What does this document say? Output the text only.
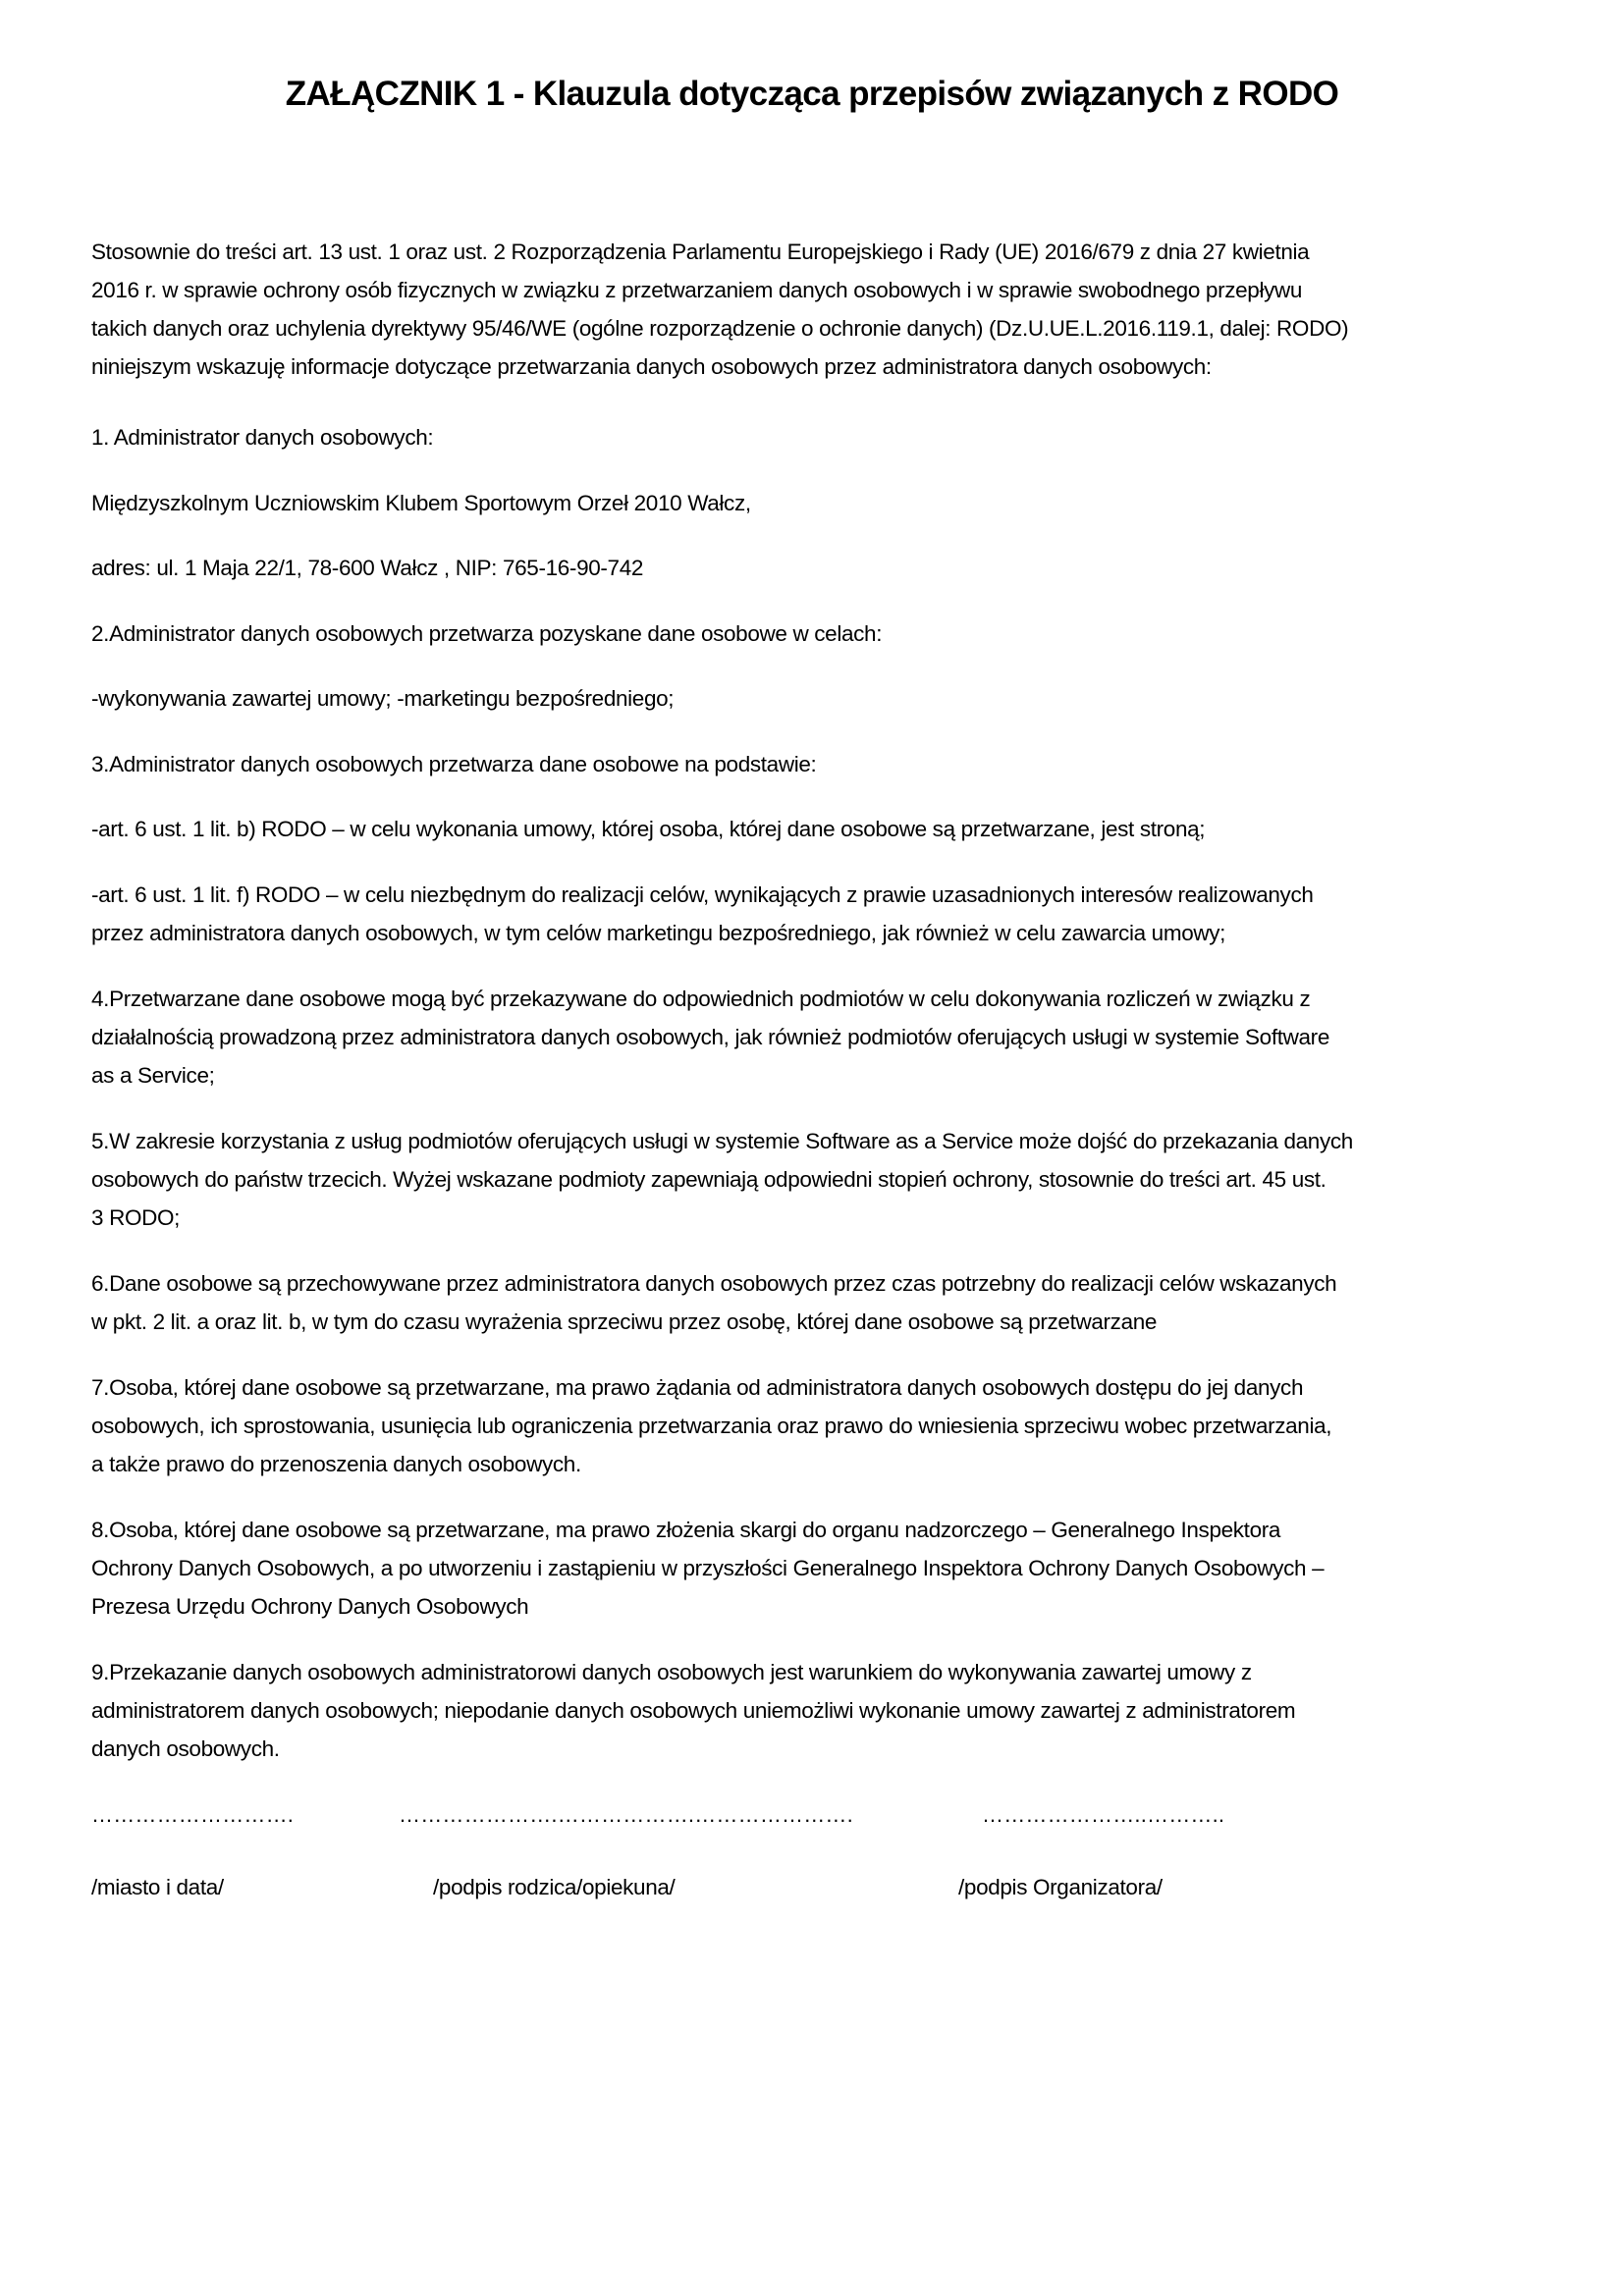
ZAŁĄCZNIK 1 - Klauzula dotycząca przepisów związanych z RODO
Stosownie do treści art. 13 ust. 1 oraz ust. 2 Rozporządzenia Parlamentu Europejskiego i Rady (UE) 2016/679 z dnia 27 kwietnia
2016 r. w sprawie ochrony osób fizycznych w związku z przetwarzaniem danych osobowych i w sprawie swobodnego przepływu
takich danych oraz uchylenia dyrektywy 95/46/WE (ogólne rozporządzenie o ochronie danych) (Dz.U.UE.L.2016.119.1, dalej: RODO)
niniejszym wskazuję informacje dotyczące przetwarzania danych osobowych przez administratora danych osobowych:
1. Administrator danych osobowych:
Międzyszkolnym Uczniowskim Klubem Sportowym Orzeł 2010 Wałcz,
adres: ul. 1 Maja 22/1, 78-600 Wałcz , NIP: 765-16-90-742
2.Administrator danych osobowych przetwarza pozyskane dane osobowe w celach:
-wykonywania zawartej umowy; -marketingu bezpośredniego;
3.Administrator danych osobowych przetwarza dane osobowe na podstawie:
-art. 6 ust. 1 lit. b) RODO – w celu wykonania umowy, której osoba, której dane osobowe są przetwarzane, jest stroną;
-art. 6 ust. 1 lit. f) RODO – w celu niezbędnym do realizacji celów, wynikających z prawie uzasadnionych interesów realizowanych
przez administratora danych osobowych, w tym celów marketingu bezpośredniego, jak również w celu zawarcia umowy;
4.Przetwarzane dane osobowe mogą być przekazywane do odpowiednich podmiotów w celu dokonywania rozliczeń w związku z
działalnością prowadzoną przez administratora danych osobowych, jak również podmiotów oferujących usługi w systemie Software
as a Service;
5.W zakresie korzystania z usług podmiotów oferujących usługi w systemie Software as a Service może dojść do przekazania danych
osobowych do państw trzecich. Wyżej wskazane podmioty zapewniają odpowiedni stopień ochrony, stosownie do treści art. 45 ust.
3 RODO;
6.Dane osobowe są przechowywane przez administratora danych osobowych przez czas potrzebny do realizacji celów wskazanych
w pkt. 2 lit. a oraz lit. b, w tym do czasu wyrażenia sprzeciwu przez osobę, której dane osobowe są przetwarzane
7.Osoba, której dane osobowe są przetwarzane, ma prawo żądania od administratora danych osobowych dostępu do jej danych
osobowych, ich sprostowania, usunięcia lub ograniczenia przetwarzania oraz prawo do wniesienia sprzeciwu wobec przetwarzania,
a także prawo do przenoszenia danych osobowych.
8.Osoba, której dane osobowe są przetwarzane, ma prawo złożenia skargi do organu nadzorczego – Generalnego Inspektora
Ochrony Danych Osobowych, a po utworzeniu i zastąpieniu w przyszłości Generalnego Inspektora Ochrony Danych Osobowych –
Prezesa Urzędu Ochrony Danych Osobowych
9.Przekazanie danych osobowych administratorowi danych osobowych jest warunkiem do wykonywania zawartej umowy z
administratorem danych osobowych; niepodanie danych osobowych uniemożliwi wykonanie umowy zawartej z administratorem
danych osobowych.
……………………….	………………….……………….………………….	…………………..………..
/miasto i data/	/podpis rodzica/opiekuna/	/podpis Organizatora/
